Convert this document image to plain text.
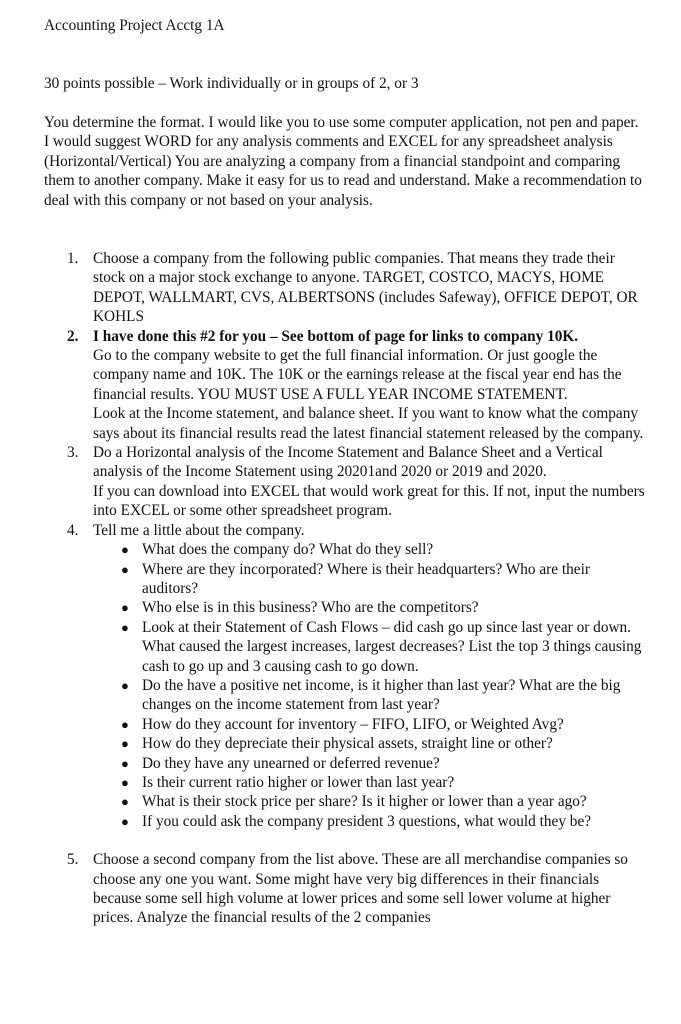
Accounting Project Acctg 1A
30 points possible – Work individually or in groups of 2, or 3
You determine the format. I would like you to use some computer application, not pen and paper. I would suggest WORD for any analysis comments and EXCEL for any spreadsheet analysis (Horizontal/Vertical) You are analyzing a company from a financial standpoint and comparing them to another company. Make it easy for us to read and understand. Make a recommendation to deal with this company or not based on your analysis.
1. Choose a company from the following public companies. That means they trade their stock on a major stock exchange to anyone. TARGET, COSTCO, MACYS, HOME DEPOT, WALLMART, CVS, ALBERTSONS (includes Safeway), OFFICE DEPOT, OR KOHLS

2. I have done this #2 for you – See bottom of page for links to company 10K.

Go to the company website to get the full financial information. Or just google the company name and 10K. The 10K or the earnings release at the fiscal year end has the financial results. YOU MUST USE A FULL YEAR INCOME STATEMENT.

Look at the Income statement, and balance sheet. If you want to know what the company says about its financial results read the latest financial statement released by the company.

3. Do a Horizontal analysis of the Income Statement and Balance Sheet and a Vertical analysis of the Income Statement using 20201and 2020 or 2019 and 2020.

If you can download into EXCEL that would work great for this. If not, input the numbers into EXCEL or some other spreadsheet program.

4. Tell me a little about the company.

● What does the company do? What do they sell?
● Where are they incorporated? Where is their headquarters? Who are their auditors?
● Who else is in this business? Who are the competitors?
● Look at their Statement of Cash Flows – did cash go up since last year or down. What caused the largest increases, largest decreases? List the top 3 things causing cash to go up and 3 causing cash to go down.
● Do the have a positive net income, is it higher than last year? What are the big changes on the income statement from last year?
● How do they account for inventory – FIFO, LIFO, or Weighted Avg?
● How do they depreciate their physical assets, straight line or other?
● Do they have any unearned or deferred revenue?
● Is their current ratio higher or lower than last year?
● What is their stock price per share? Is it higher or lower than a year ago?
● If you could ask the company president 3 questions, what would they be?
5. Choose a second company from the list above. These are all merchandise companies so choose any one you want. Some might have very big differences in their financials because some sell high volume at lower prices and some sell lower volume at higher prices. Analyze the financial results of the 2 companies
